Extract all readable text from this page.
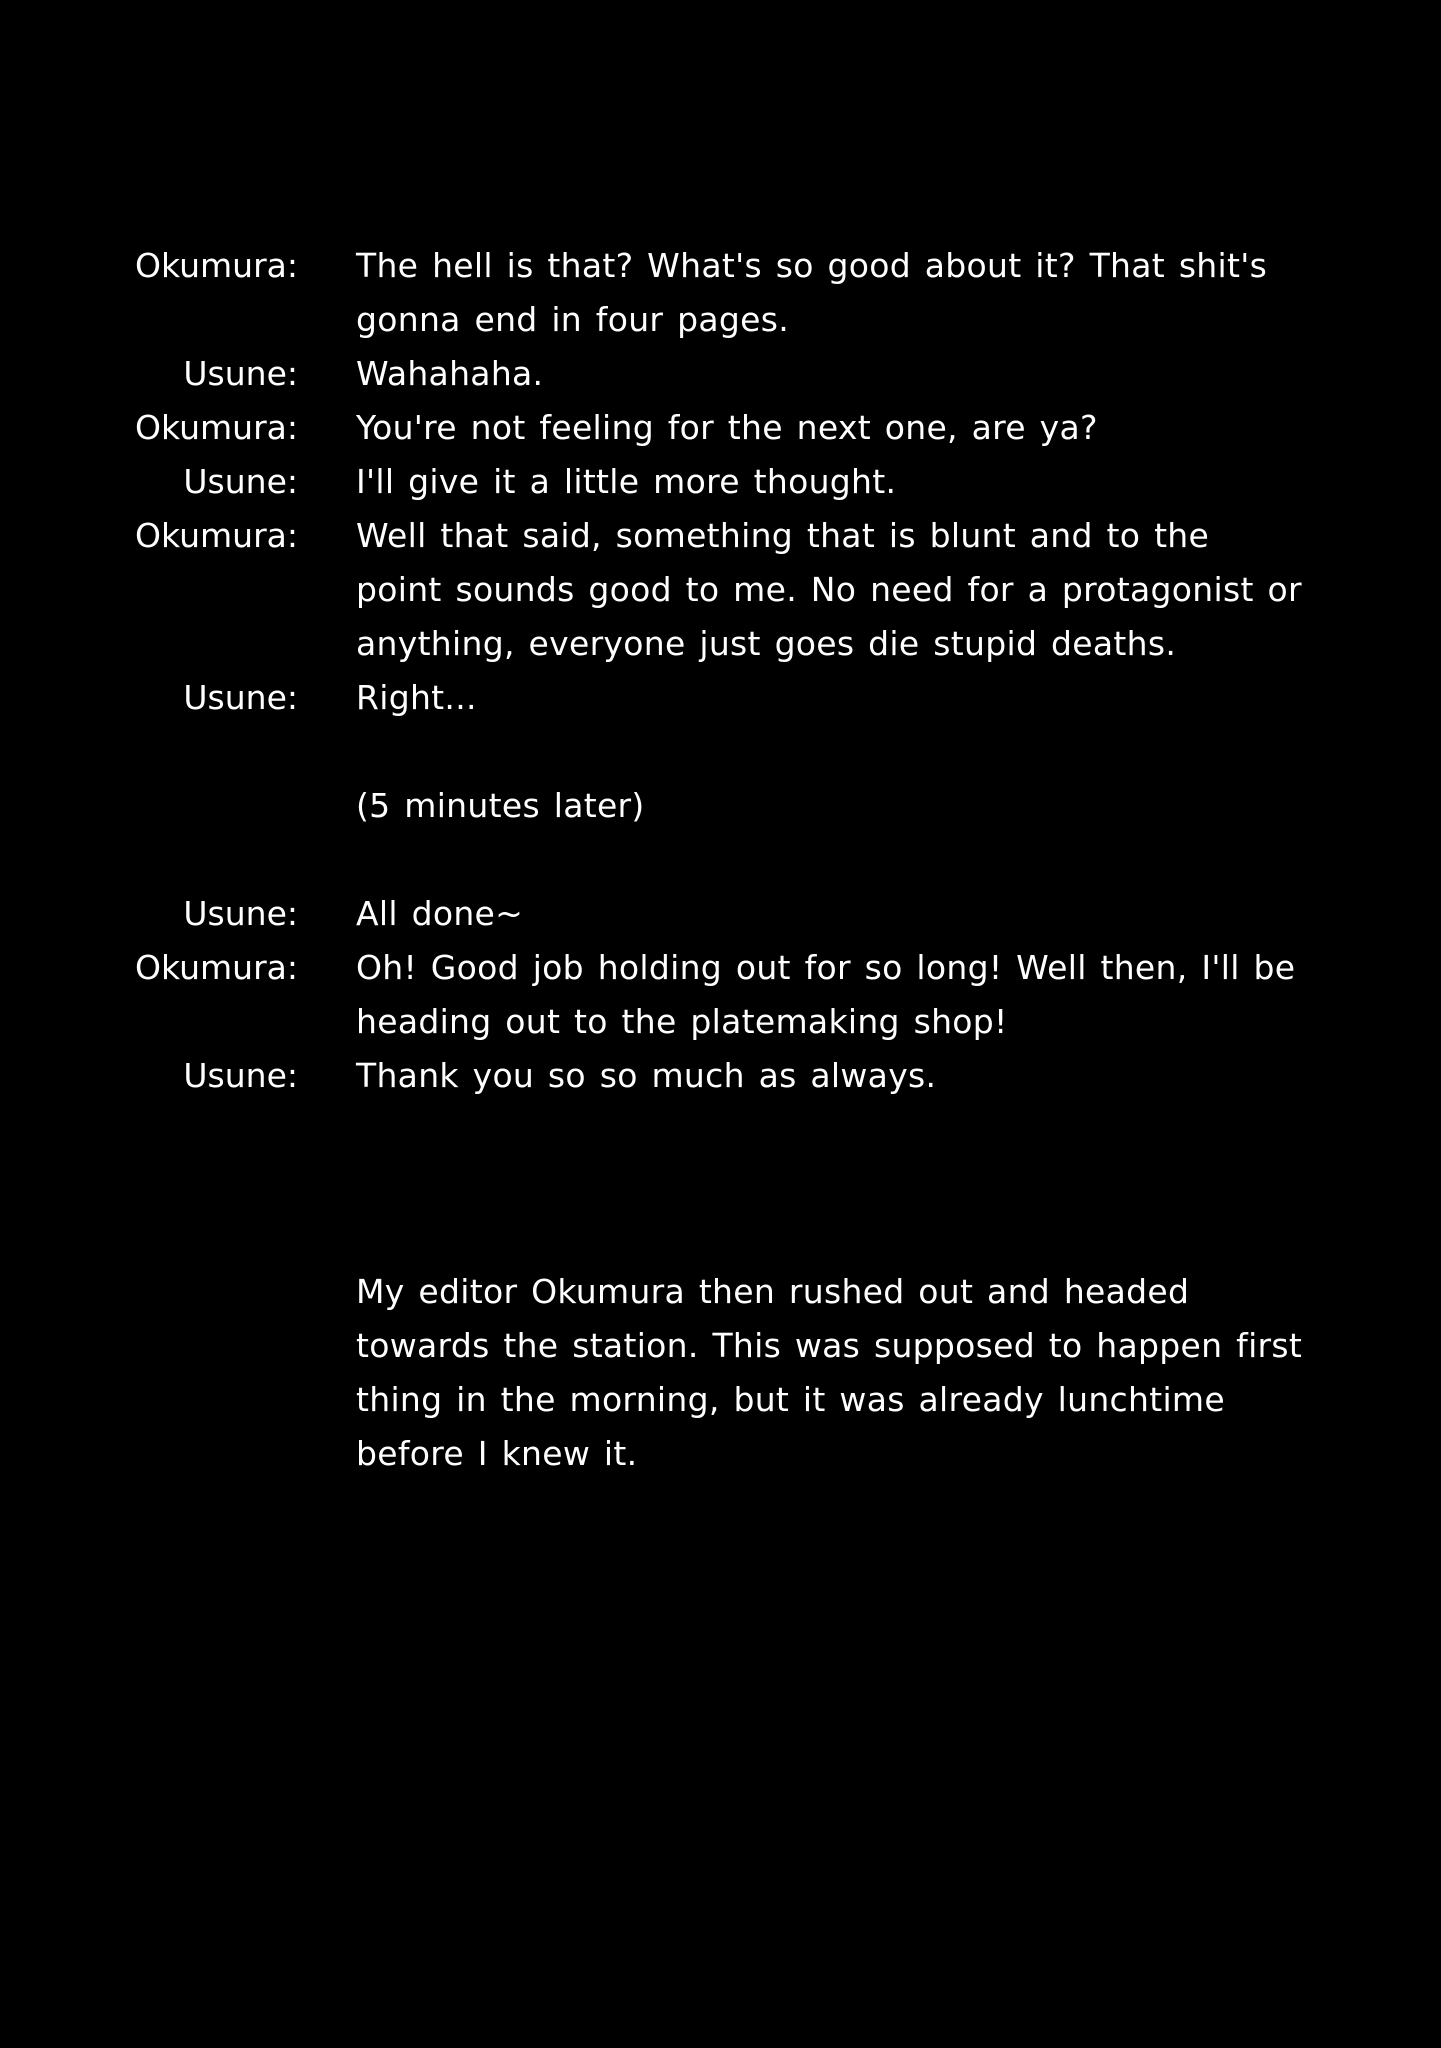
Okumura: The hell is that? What's so good about it? That shit's gonna end in four pages.
Usune: Wahahaha.
Okumura: You're not feeling for the next one, are ya?
Usune: I'll give it a little more thought.
Okumura: Well that said, something that is blunt and to the point sounds good to me. No need for a protagonist or anything, everyone just goes die stupid deaths.
Usune: Right...
(5 minutes later)
Usune: All done~
Okumura: Oh! Good job holding out for so long! Well then, I'll be heading out to the platemaking shop!
Usune: Thank you so so much as always.
My editor Okumura then rushed out and headed towards the station. This was supposed to happen first thing in the morning, but it was already lunchtime before I knew it.
